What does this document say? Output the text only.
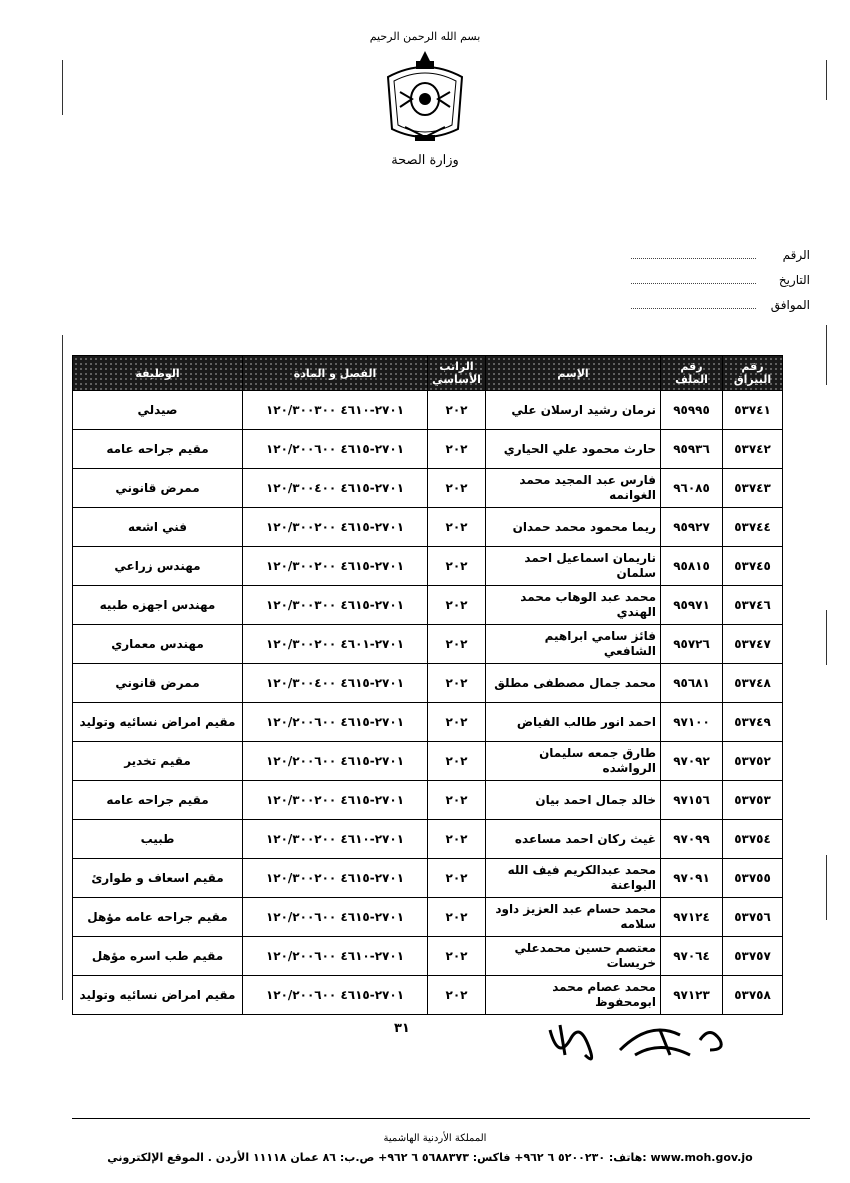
بسم الله الرحمن الرحيم
وزارة الصحة
الرقم
التاريخ
الموافق
رقم البيراق	رقم الملف	الإسم	الراتب الأساسي	الفصل و المادة	الوظيفة
٥٣٧٤١	٩٥٩٩٥	نرمان رشيد ارسلان علي	٢٠٢	٢٧٠١-٤٦١٠ ١٢٠/٣٠٠٣٠٠	صيدلي
٥٣٧٤٢	٩٥٩٣٦	حارث محمود علي الحياري	٢٠٢	٢٧٠١-٤٦١٥ ١٢٠/٢٠٠٦٠٠	مقيم جراحه عامه
٥٣٧٤٣	٩٦٠٨٥	فارس عبد المجيد محمد الغوانمه	٢٠٢	٢٧٠١-٤٦١٥ ١٢٠/٣٠٠٤٠٠	ممرض قانوني
٥٣٧٤٤	٩٥٩٢٧	ريما محمود محمد حمدان	٢٠٢	٢٧٠١-٤٦١٥ ١٢٠/٣٠٠٢٠٠	فني اشعه
٥٣٧٤٥	٩٥٨١٥	ناريمان اسماعيل احمد سلمان	٢٠٢	٢٧٠١-٤٦١٥ ١٢٠/٣٠٠٢٠٠	مهندس زراعي
٥٣٧٤٦	٩٥٩٧١	محمد عبد الوهاب محمد الهندي	٢٠٢	٢٧٠١-٤٦١٥ ١٢٠/٣٠٠٣٠٠	مهندس اجهزه طبيه
٥٣٧٤٧	٩٥٧٢٦	فائز سامي ابراهيم الشافعي	٢٠٢	٢٧٠١-٤٦٠١ ١٢٠/٣٠٠٢٠٠	مهندس معماري
٥٣٧٤٨	٩٥٦٨١	محمد جمال مصطفى مطلق	٢٠٢	٢٧٠١-٤٦١٥ ١٢٠/٣٠٠٤٠٠	ممرض قانوني
٥٣٧٤٩	٩٧١٠٠	احمد انور طالب الفياض	٢٠٢	٢٧٠١-٤٦١٥ ١٢٠/٢٠٠٦٠٠	مقيم امراض نسائيه وتوليد
٥٣٧٥٢	٩٧٠٩٢	طارق جمعه سليمان الرواشده	٢٠٢	٢٧٠١-٤٦١٥ ١٢٠/٢٠٠٦٠٠	مقيم تخدير
٥٣٧٥٣	٩٧١٥٦	خالد جمال احمد بيان	٢٠٢	٢٧٠١-٤٦١٥ ١٢٠/٣٠٠٢٠٠	مقيم جراحه عامه
٥٣٧٥٤	٩٧٠٩٩	غيث ركان احمد مساعده	٢٠٢	٢٧٠١-٤٦١٠ ١٢٠/٣٠٠٢٠٠	طبيب
٥٣٧٥٥	٩٧٠٩١	محمد عبدالكريم فيف الله البواعنة	٢٠٢	٢٧٠١-٤٦١٥ ١٢٠/٣٠٠٢٠٠	مقيم اسعاف و طوارئ
٥٣٧٥٦	٩٧١٢٤	محمد حسام عبد العزيز داود سلامه	٢٠٢	٢٧٠١-٤٦١٥ ١٢٠/٢٠٠٦٠٠	مقيم جراحه عامه مؤهل
٥٣٧٥٧	٩٧٠٦٤	معتصم حسين محمدعلي خريسات	٢٠٢	٢٧٠١-٤٦١٠ ١٢٠/٢٠٠٦٠٠	مقيم طب اسره مؤهل
٥٣٧٥٨	٩٧١٢٣	محمد عصام محمد ابومحفوظ	٢٠٢	٢٧٠١-٤٦١٥ ١٢٠/٢٠٠٦٠٠	مقيم امراض نسائيه وتوليد
٣١
المملكة الأردنية الهاشمية
هاتف: ٥٢٠٠٢٣٠ ٦ ٩٦٢+ فاكس: ٥٦٨٨٣٧٣ ٦ ٩٦٢+ ص.ب: ٨٦ عمان ١١١١٨ الأردن . الموقع الإلكتروني: www.moh.gov.jo
